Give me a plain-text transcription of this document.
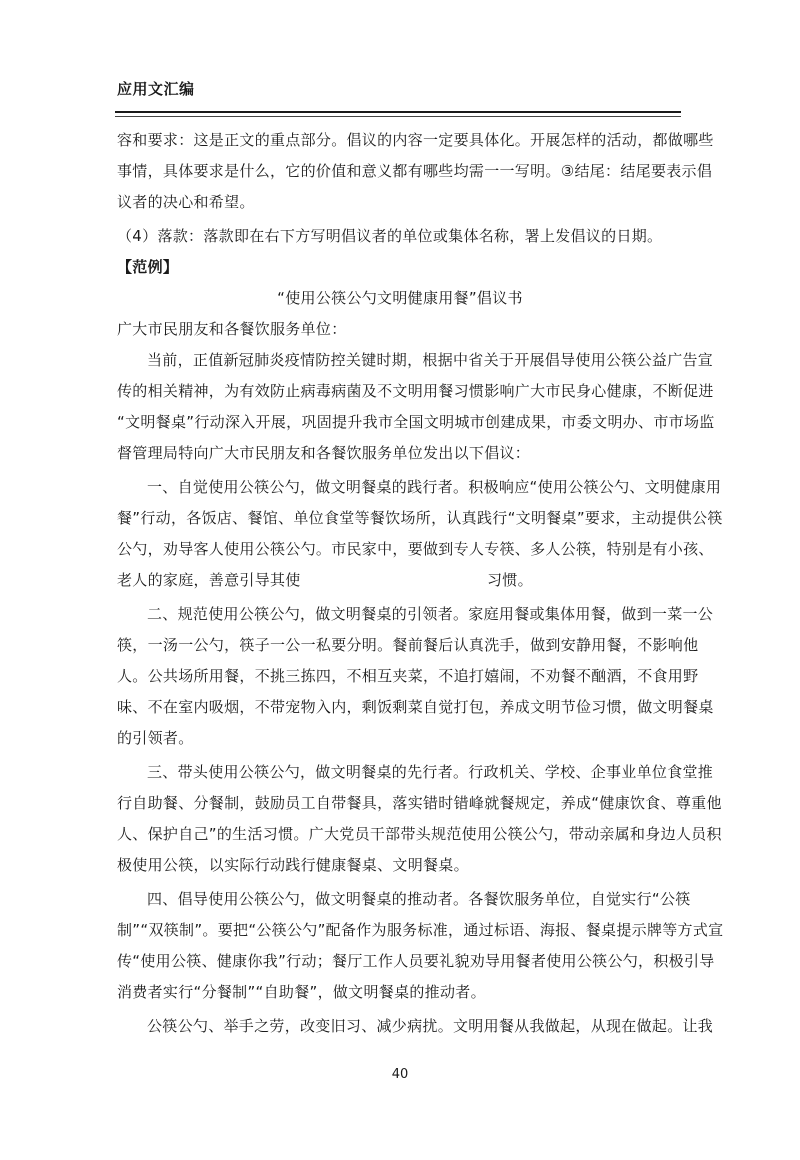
应用文汇编
容和要求：这是正文的重点部分。倡议的内容一定要具体化。开展怎样的活动，都做哪些
事情，具体要求是什么，它的价值和意义都有哪些均需一一写明。③结尾：结尾要表示倡
议者的决心和希望。
（4）落款：落款即在右下方写明倡议者的单位或集体名称，署上发倡议的日期。
【范例】
“使用公筷公勺文明健康用餐”倡议书
广大市民朋友和各餐饮服务单位：
当前，正值新冠肺炎疫情防控关键时期，根据中省关于开展倡导使用公筷公益广告宣
传的相关精神，为有效防止病毒病菌及不文明用餐习惯影响广大市民身心健康，不断促进
“文明餐桌”行动深入开展，巩固提升我市全国文明城市创建成果，市委文明办、市市场监
督管理局特向广大市民朋友和各餐饮服务单位发出以下倡议：
一、自觉使用公筷公勺，做文明餐桌的践行者。积极响应“使用公筷公勺、文明健康用
餐”行动，各饭店、餐馆、单位食堂等餐饮场所，认真践行“文明餐桌”要求，主动提供公筷
公勺，劝导客人使用公筷公勺。市民家中，要做到专人专筷、多人公筷，特别是有小孩、
老人的家庭，善意引导其使	习惯。
二、规范使用公筷公勺，做文明餐桌的引领者。家庭用餐或集体用餐，做到一菜一公
筷，一汤一公勺，筷子一公一私要分明。餐前餐后认真洗手，做到安静用餐，不影响他
人。公共场所用餐，不挑三拣四，不相互夹菜，不追打嬉闹，不劝餐不酗酒，不食用野
味、不在室内吸烟，不带宠物入内，剩饭剩菜自觉打包，养成文明节俭习惯，做文明餐桌
的引领者。
三、带头使用公筷公勺，做文明餐桌的先行者。行政机关、学校、企事业单位食堂推
行自助餐、分餐制，鼓励员工自带餐具，落实错时错峰就餐规定，养成“健康饮食、尊重他
人、保护自己”的生活习惯。广大党员干部带头规范使用公筷公勺，带动亲属和身边人员积
极使用公筷，以实际行动践行健康餐桌、文明餐桌。
四、倡导使用公筷公勺，做文明餐桌的推动者。各餐饮服务单位，自觉实行“公筷
制”“双筷制”。要把“公筷公勺”配备作为服务标准，通过标语、海报、餐桌提示牌等方式宣
传“使用公筷、健康你我”行动；餐厅工作人员要礼貌劝导用餐者使用公筷公勺，积极引导
消费者实行“分餐制”“自助餐”，做文明餐桌的推动者。
公筷公勺、举手之劳，改变旧习、减少病扰。文明用餐从我做起，从现在做起。让我
40
